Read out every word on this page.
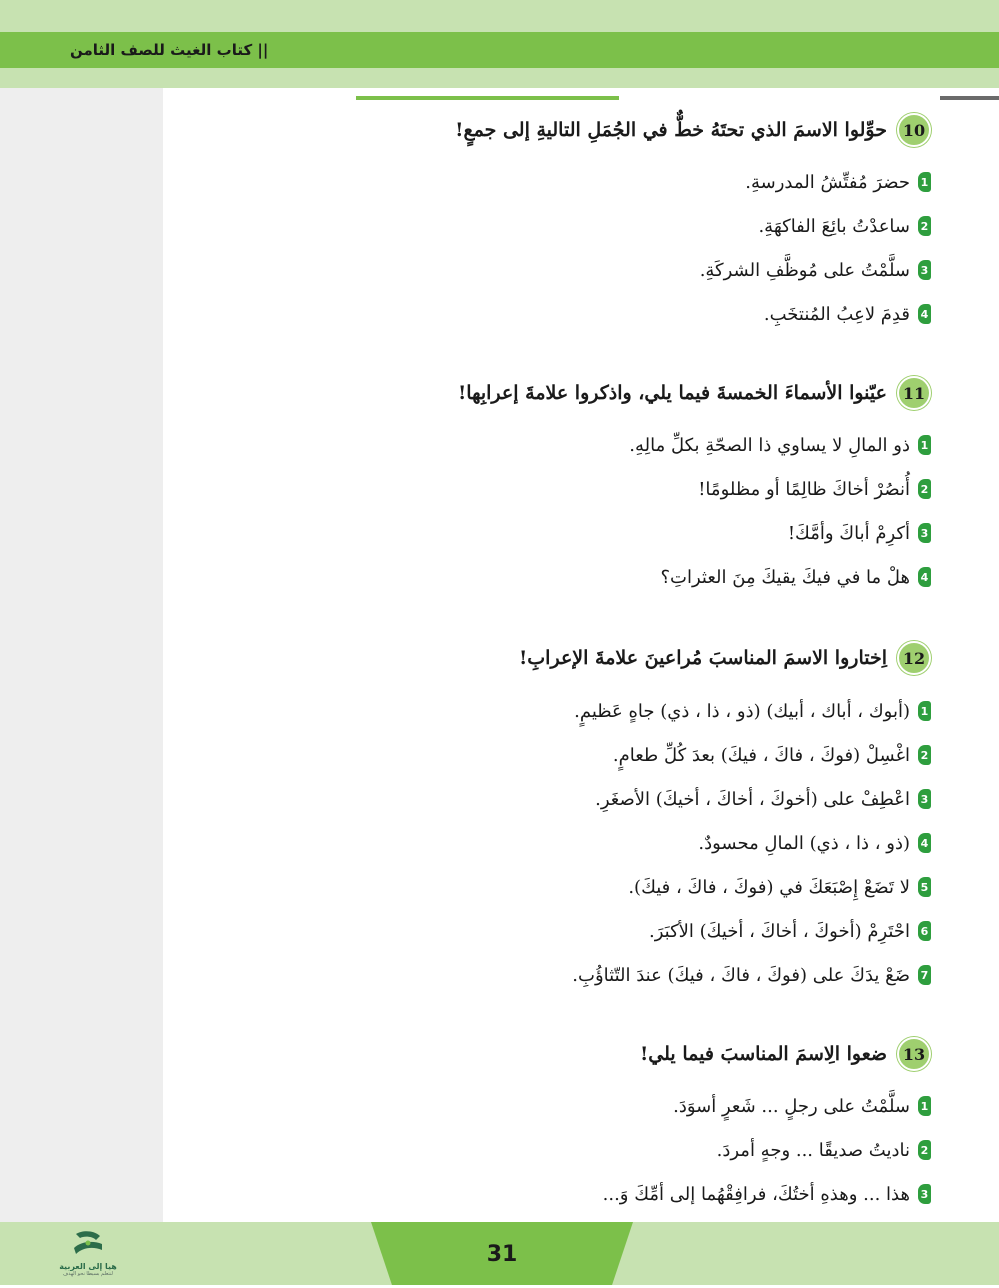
|| كتاب الغيث للصف الثامن
10
حوِّلوا الاسمَ الذي تحتَهُ خطٌّ في الجُمَلِ التاليةِ إلى جمعٍ!
1
حضرَ مُفتِّشُ المدرسةِ.
2
ساعدْتُ بائِعَ الفاكهَةِ.
3
سلَّمْتُ على مُوظَّفِ الشركَةِ.
4
قدِمَ لاعِبُ المُنتخَبِ.
11
عيّنوا الأسماءَ الخمسةَ فيما يلي، واذكروا علامةَ إعرابِها!
1
ذو المالِ لا يساوي ذا الصحّةِ بكلِّ مالِهِ.
2
أُنصُرْ أخاكَ ظالِمًا أو مظلومًا!
3
أكرِمْ أباكَ وأمَّكَ!
4
هلْ ما في فيكَ يقيكَ مِنَ العثراتِ؟
12
اِختاروا الاسمَ المناسبَ مُراعينَ علامةَ الإعرابِ!
1
(أبوك ، أباك ، أبيك) (ذو ، ذا ، ذي) جاهٍ عَظيمٍ.
2
اغْسِلْ (فوكَ ، فاكَ ، فيكَ) بعدَ كُلِّ طعامٍ.
3
اعْطِفْ على (أخوكَ ، أخاكَ ، أخيكَ) الأصغَرِ.
4
(ذو ، ذا ، ذي) المالِ محسودٌ.
5
لا تَضَعْ إِصْبَعَكَ في (فوكَ ، فاكَ ، فيكَ).
6
احْتَرِمْ (أخوكَ ، أخاكَ ، أخيكَ) الأكبَرَ.
7
ضَعْ يدَكَ على (فوكَ ، فاكَ ، فيكَ) عندَ التّثاؤُبِ.
13
ضعوا الِاسمَ المناسبَ فيما يلي!
1
سلَّمْتُ على رجلٍ ... شَعرٍ أسوَدَ.
2
ناديتُ صديقًا ... وجهٍ أمردَ.
3
هذا ... وهذهِ أختُكَ، فرافِقْهُما إلى أمِّكَ وَ...
31
هيا إلى العربية
لنتعلم بسيطا نحو الهدف
